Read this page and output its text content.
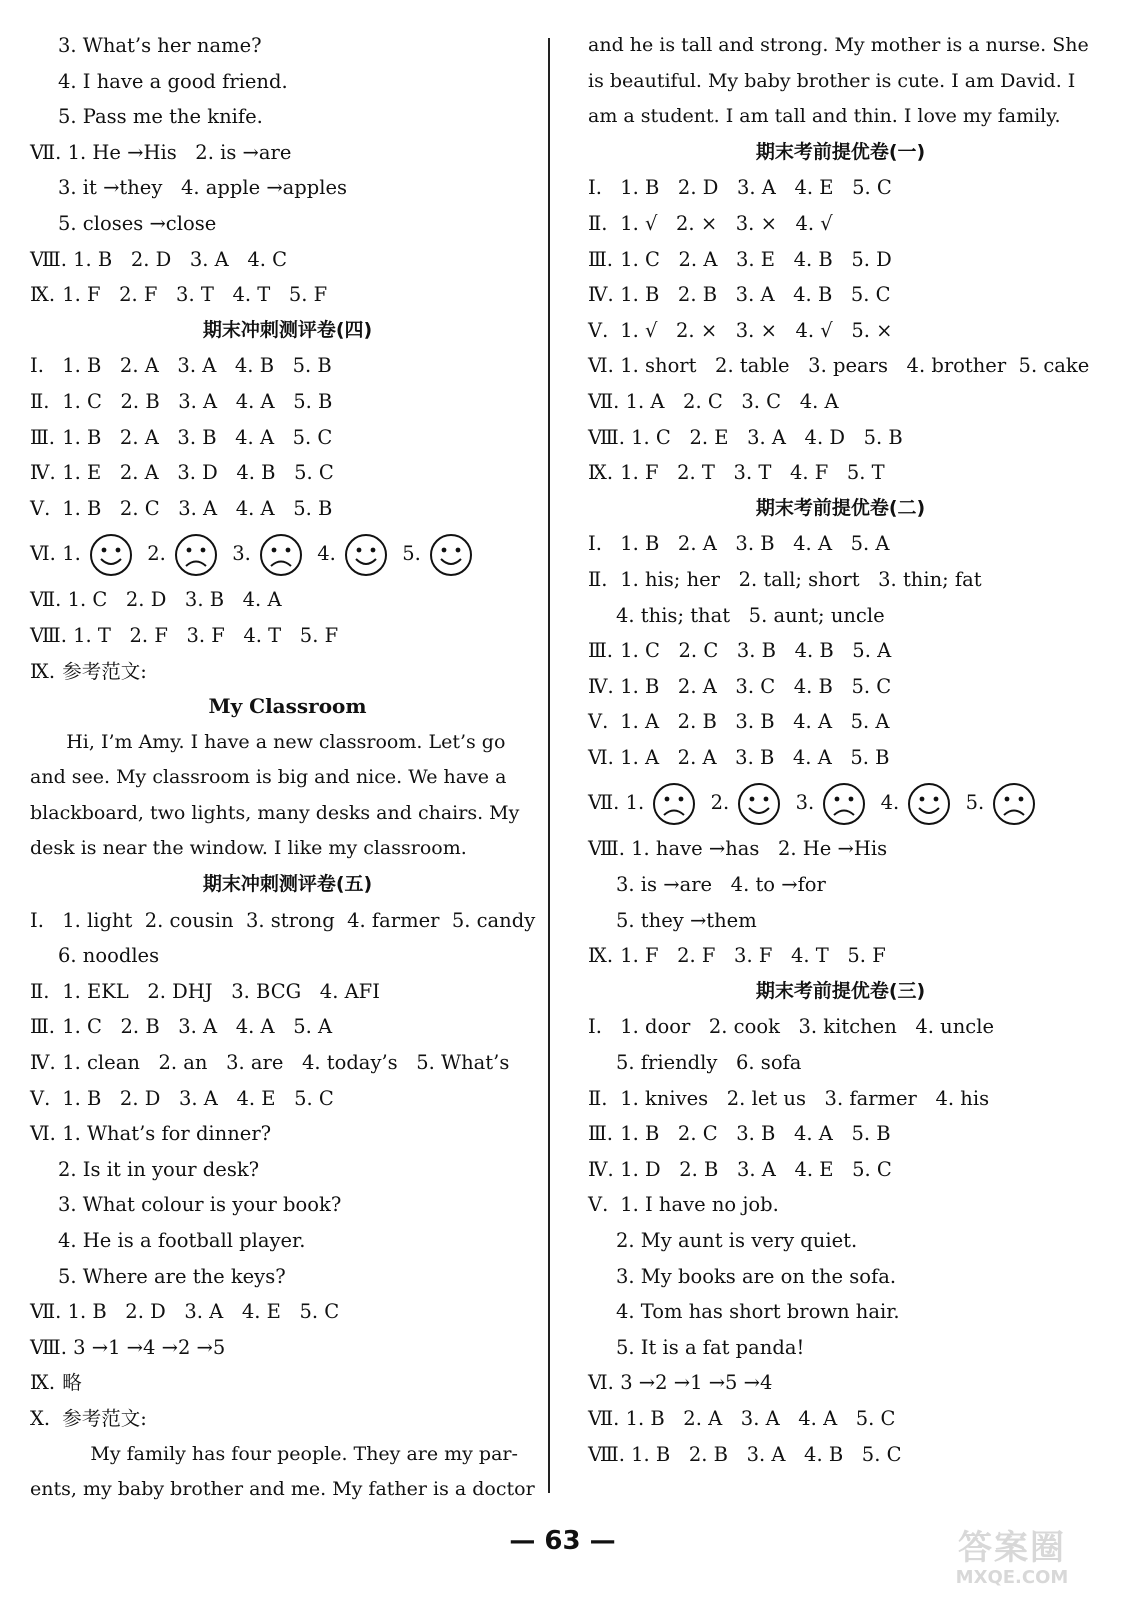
3. What’s her name?
4. I have a good friend.
5. Pass me the knife.
Ⅶ. 1. He →His   2. is →are
3. it →they   4. apple →apples
5. closes →close
Ⅷ. 1. B   2. D   3. A   4. C
Ⅸ. 1. F   2. F   3. T   4. T   5. F
期末冲刺测评卷(四)
Ⅰ. 1. B   2. A   3. A   4. B   5. B
Ⅱ. 1. C   2. B   3. A   4. A   5. B
Ⅲ. 1. B   2. A   3. B   4. A   5. C
Ⅳ. 1. E   2. A   3. D   4. B   5. C
Ⅴ. 1. B   2. C   3. A   4. A   5. B
Ⅵ. 1.	2.	3.	4.	5.
Ⅶ. 1. C   2. D   3. B   4. A
Ⅷ. 1. T   2. F   3. F   4. T   5. F
Ⅸ. 参考范文:
My Classroom
Hi, I’m Amy. I have a new classroom. Let’s go
and see. My classroom is big and nice. We have a
blackboard, two lights, many desks and chairs. My
desk is near the window. I like my classroom.
期末冲刺测评卷(五)
Ⅰ. 1. light  2. cousin  3. strong  4. farmer  5. candy
6. noodles
Ⅱ. 1. EKL   2. DHJ   3. BCG   4. AFI
Ⅲ. 1. C   2. B   3. A   4. A   5. A
Ⅳ. 1. clean   2. an   3. are   4. today’s   5. What’s
Ⅴ. 1. B   2. D   3. A   4. E   5. C
Ⅵ. 1. What’s for dinner?
2. Is it in your desk?
3. What colour is your book?
4. He is a football player.
5. Where are the keys?
Ⅶ. 1. B   2. D   3. A   4. E   5. C
Ⅷ. 3 →1 →4 →2 →5
Ⅸ. 略
Ⅹ. 参考范文:
My family has four people. They are my par-
ents, my baby brother and me. My father is a doctor
and he is tall and strong. My mother is a nurse. She
is beautiful. My baby brother is cute. I am David. I
am a student. I am tall and thin. I love my family.
期末考前提优卷(一)
Ⅰ. 1. B   2. D   3. A   4. E   5. C
Ⅱ. 1. √   2. ×   3. ×   4. √
Ⅲ. 1. C   2. A   3. E   4. B   5. D
Ⅳ. 1. B   2. B   3. A   4. B   5. C
Ⅴ. 1. √   2. ×   3. ×   4. √   5. ×
Ⅵ. 1. short   2. table   3. pears   4. brother  5. cake
Ⅶ. 1. A   2. C   3. C   4. A
Ⅷ. 1. C   2. E   3. A   4. D   5. B
Ⅸ. 1. F   2. T   3. T   4. F   5. T
期末考前提优卷(二)
Ⅰ. 1. B   2. A   3. B   4. A   5. A
Ⅱ. 1. his; her   2. tall; short   3. thin; fat
4. this; that   5. aunt; uncle
Ⅲ. 1. C   2. C   3. B   4. B   5. A
Ⅳ. 1. B   2. A   3. C   4. B   5. C
Ⅴ. 1. A   2. B   3. B   4. A   5. A
Ⅵ. 1. A   2. A   3. B   4. A   5. B
Ⅶ. 1.	2.	3.	4.	5.
Ⅷ. 1. have →has   2. He →His
3. is →are   4. to →for
5. they →them
Ⅸ. 1. F   2. F   3. F   4. T   5. F
期末考前提优卷(三)
Ⅰ. 1. door   2. cook   3. kitchen   4. uncle
5. friendly   6. sofa
Ⅱ. 1. knives   2. let us   3. farmer   4. his
Ⅲ. 1. B   2. C   3. B   4. A   5. B
Ⅳ. 1. D   2. B   3. A   4. E   5. C
Ⅴ. 1. I have no job.
2. My aunt is very quiet.
3. My books are on the sofa.
4. Tom has short brown hair.
5. It is a fat panda!
Ⅵ. 3 →2 →1 →5 →4
Ⅶ. 1. B   2. A   3. A   4. A   5. C
Ⅷ. 1. B   2. B   3. A   4. B   5. C
— 63 —	答案圈
MXQE.COM
